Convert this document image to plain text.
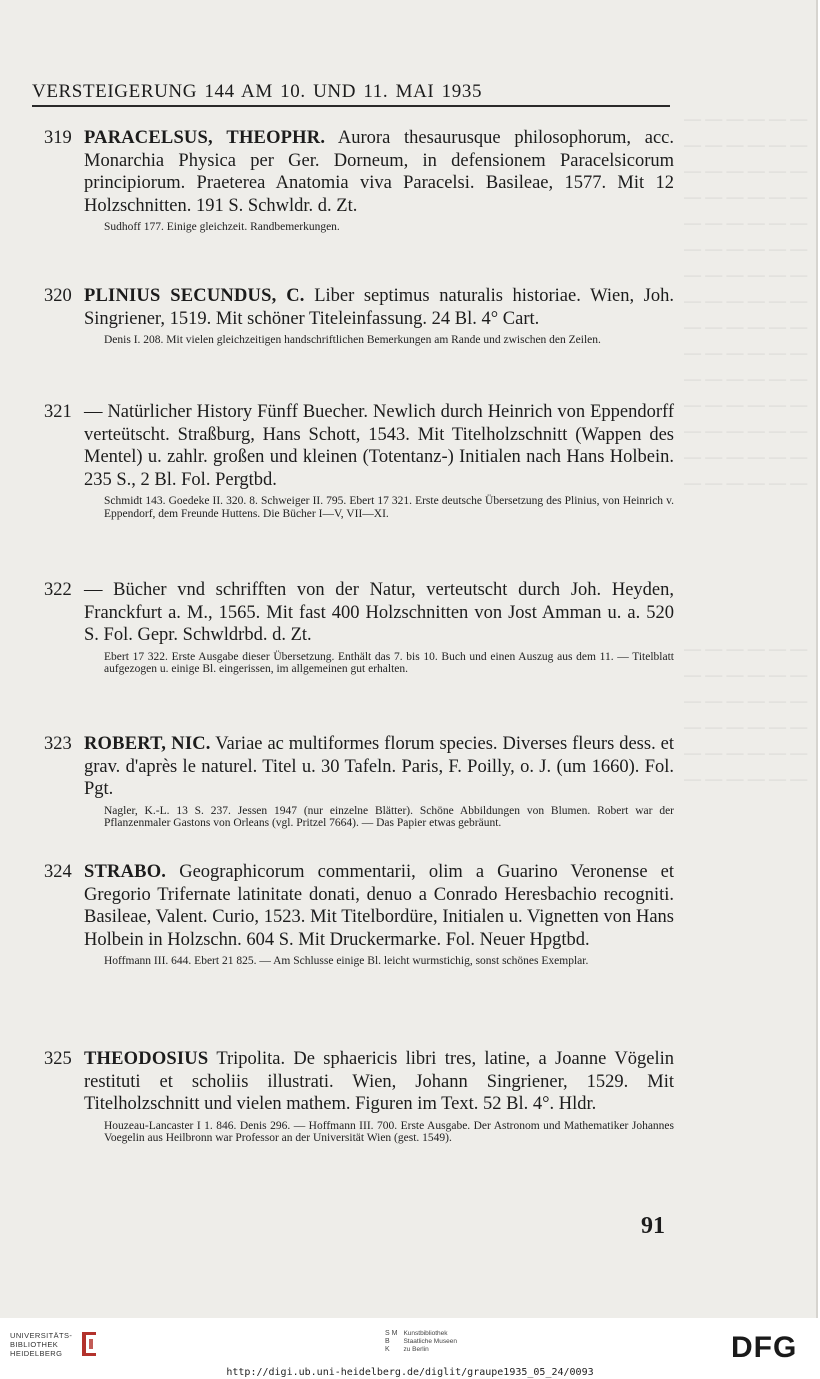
— — — — — —
— — — — — —
— — — — — —
— — — — — —
— — — — — —
— — — — — —
— — — — — —
— — — — — —
— — — — — —
— — — — — —
— — — — — —
— — — — — —
— — — — — —
— — — — — —
— — — — — —
— — — — — —
— — — — — —
— — — — — —
— — — — — —
— — — — — —
— — — — — —
VERSTEIGERUNG 144 AM 10. UND 11. MAI 1935
319 PARACELSUS, THEOPHR. Aurora thesaurusque philosophorum, acc. Monarchia Physica per Ger. Dorneum, in defensionem Paracelsicorum principiorum. Praeterea Anatomia viva Paracelsi. Basileae, 1577. Mit 12 Holzschnitten. 191 S. Schwldr. d. Zt.
Sudhoff 177. Einige gleichzeit. Randbemerkungen.
320 PLINIUS SECUNDUS, C. Liber septimus naturalis historiae. Wien, Joh. Singriener, 1519. Mit schöner Titeleinfassung. 24 Bl. 4° Cart.
Denis I. 208. Mit vielen gleichzeitigen handschriftlichen Bemerkungen am Rande und zwischen den Zeilen.
321 — Natürlicher History Fünff Buecher. Newlich durch Heinrich von Eppendorff verteütscht. Straßburg, Hans Schott, 1543. Mit Titelholzschnitt (Wappen des Mentel) u. zahlr. großen und kleinen (Totentanz-) Initialen nach Hans Holbein. 235 S., 2 Bl. Fol. Pergtbd.
Schmidt 143. Goedeke II. 320. 8. Schweiger II. 795. Ebert 17 321. Erste deutsche Übersetzung des Plinius, von Heinrich v. Eppendorf, dem Freunde Huttens. Die Bücher I—V, VII—XI.
322 — Bücher vnd schrifften von der Natur, verteutscht durch Joh. Heyden, Franckfurt a. M., 1565. Mit fast 400 Holzschnitten von Jost Amman u. a. 520 S. Fol. Gepr. Schwldrbd. d. Zt.
Ebert 17 322. Erste Ausgabe dieser Übersetzung. Enthält das 7. bis 10. Buch und einen Auszug aus dem 11. — Titelblatt aufgezogen u. einige Bl. eingerissen, im allgemeinen gut erhalten.
323 ROBERT, NIC. Variae ac multiformes florum species. Diverses fleurs dess. et grav. d'après le naturel. Titel u. 30 Tafeln. Paris, F. Poilly, o. J. (um 1660). Fol. Pgt.
Nagler, K.-L. 13 S. 237. Jessen 1947 (nur einzelne Blätter). Schöne Abbildungen von Blumen. Robert war der Pflanzenmaler Gastons von Orleans (vgl. Pritzel 7664). — Das Papier etwas gebräunt.
324 STRABO. Geographicorum commentarii, olim a Guarino Veronense et Gregorio Trifernate latinitate donati, denuo a Conrado Heresbachio recogniti. Basileae, Valent. Curio, 1523. Mit Titelbordüre, Initialen u. Vignetten von Hans Holbein in Holzschn. 604 S. Mit Druckermarke. Fol. Neuer Hpgtbd.
Hoffmann III. 644. Ebert 21 825. — Am Schlusse einige Bl. leicht wurmstichig, sonst schönes Exemplar.
325 THEODOSIUS Tripolita. De sphaericis libri tres, latine, a Joanne Vögelin restituti et scholiis illustrati. Wien, Johann Singriener, 1529. Mit Titelholzschnitt und vielen mathem. Figuren im Text. 52 Bl. 4°. Hldr.
Houzeau-Lancaster I 1. 846. Denis 296. — Hoffmann III. 700. Erste Ausgabe. Der Astronom und Mathematiker Johannes Voegelin aus Heilbronn war Professor an der Universität Wien (gest. 1549).
91
UNIVERSITÄTS-
BIBLIOTHEK
HEIDELBERG
S M
B
K
Kunstbibliothek
Staatliche Museen
zu Berlin	DFG
http://digi.ub.uni-heidelberg.de/diglit/graupe1935_05_24/0093
